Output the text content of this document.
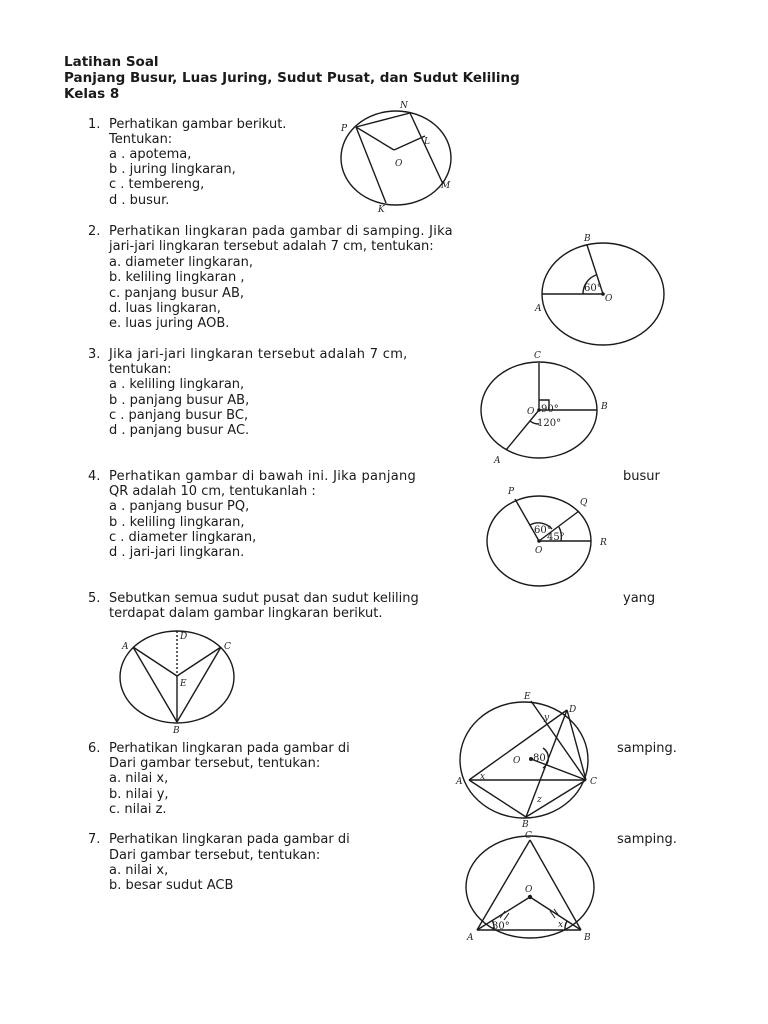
Latihan Soal
Panjang Busur, Luas Juring, Sudut Pusat, dan Sudut Keliling
Kelas 8
1. Perhatikan gambar berikut.
Tentukan:
a . apotema,
b . juring lingkaran,
c . tembereng,
d . busur.
2. Perhatikan lingkaran pada gambar di samping. Jika
jari-jari lingkaran tersebut adalah 7 cm, tentukan:
a. diameter lingkaran,
b. keliling lingkaran ,
c. panjang busur AB,
d. luas lingkaran,
e. luas juring AOB.
3. Jika jari-jari lingkaran tersebut adalah 7 cm,
tentukan:
a . keliling lingkaran,
b . panjang busur AB,
c . panjang busur BC,
d . panjang busur AC.
4. Perhatikan gambar di bawah ini. Jika panjang	busur
QR adalah 10 cm, tentukanlah :
a . panjang busur PQ,
b . keliling lingkaran,
c . diameter lingkaran,
d . jari-jari lingkaran.
5. Sebutkan semua sudut pusat dan sudut keliling	yang
terdapat dalam gambar lingkaran berikut.
6. Perhatikan lingkaran pada gambar di	samping.
Dari gambar tersebut, tentukan:
a. nilai x,
b. nilai y,
c. nilai z.
7. Perhatikan lingkaran pada gambar di	samping.
Dari gambar tersebut, tentukan:
a. nilai x,
b. besar sudut ACB
N
P
L
O
M
K
B
60°
O
A
C
O 90°
120°
B
A
P
Q
60°
45°
O
R
A
D
C
E
B
E
D
y
O 80
A x	C
z
B
C
O
30°	x
A	B
